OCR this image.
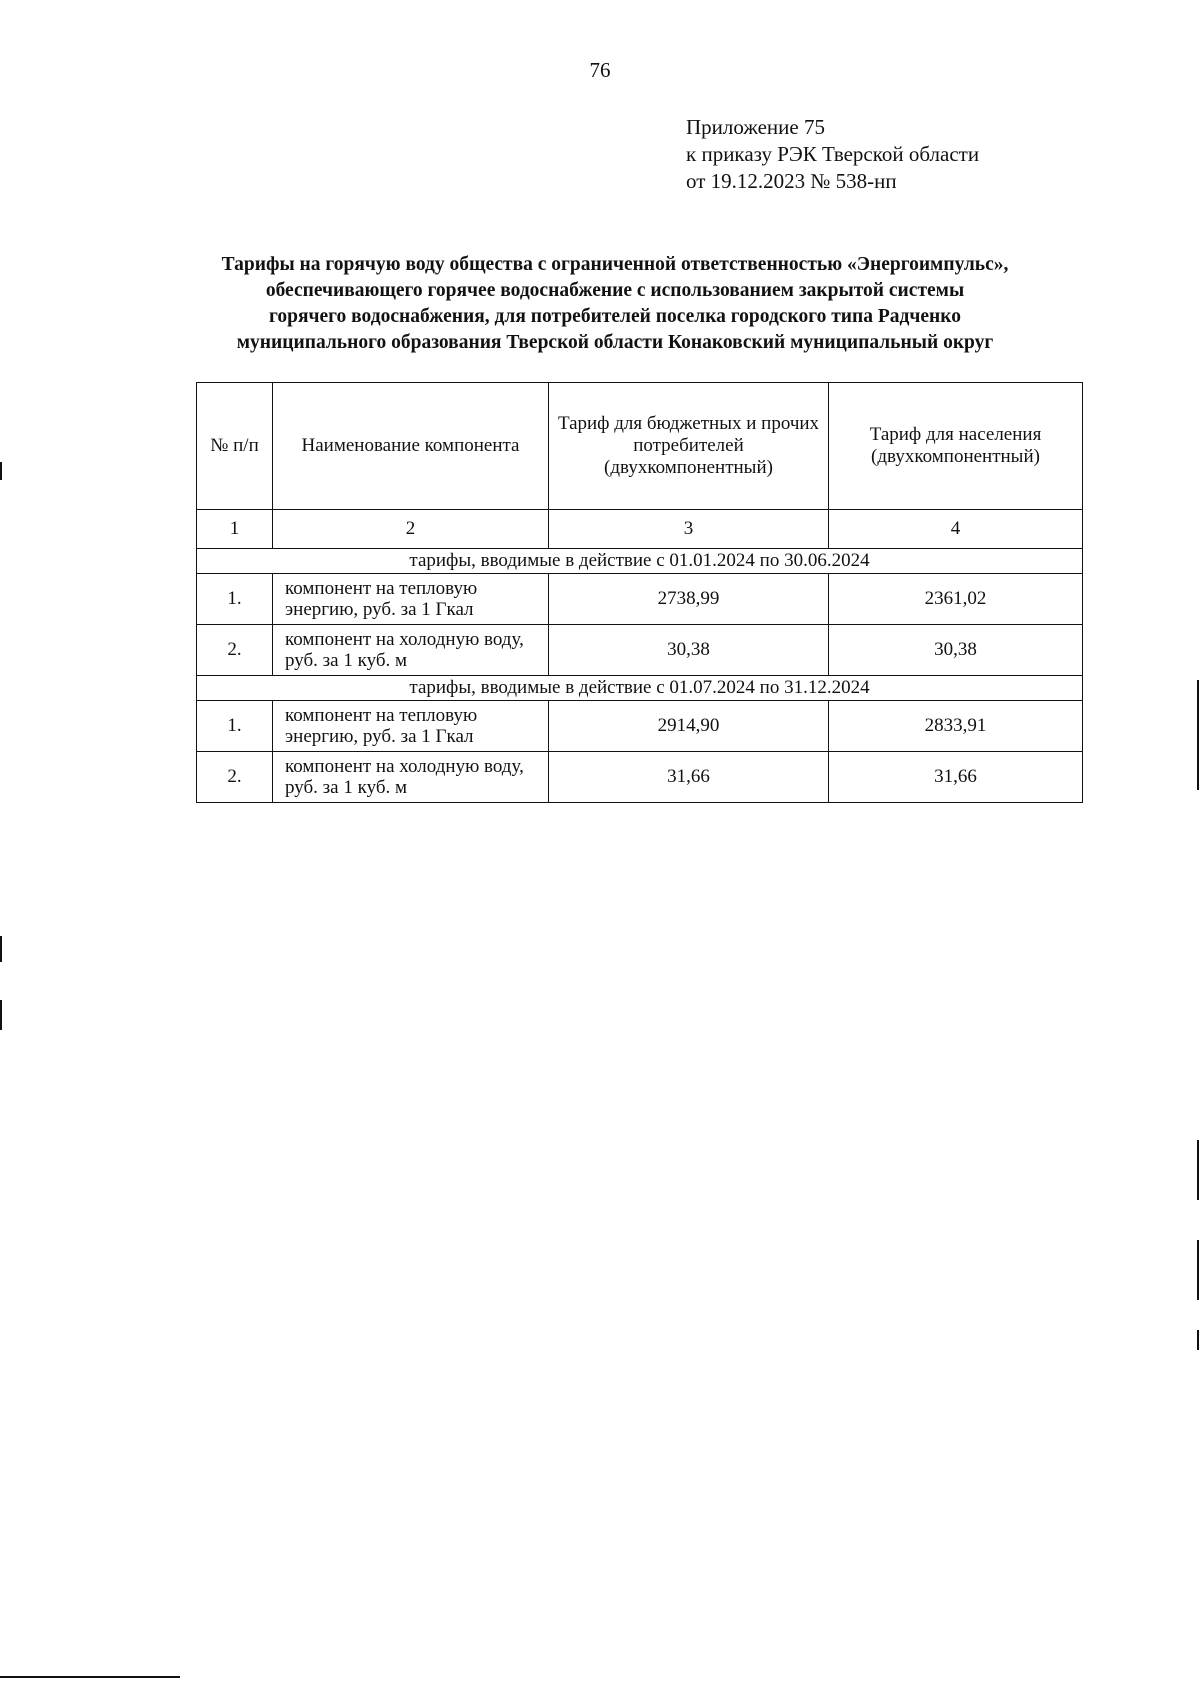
76
Приложение 75
к приказу РЭК Тверской области
от 19.12.2023 № 538-нп
Тарифы на горячую воду общества с ограниченной ответственностью «Энергоимпульс»,
обеспечивающего горячее водоснабжение с использованием закрытой системы
горячего водоснабжения, для потребителей поселка городского типа Радченко
муниципального образования Тверской области Конаковский муниципальный округ
№ п/п	Наименование компонента	Тариф для бюджетных и прочих потребителей (двухкомпонентный)	Тариф для населения (двухкомпонентный)
1	2	3	4
тарифы, вводимые в действие с 01.01.2024 по 30.06.2024			
1.	компонент на тепловую энергию, руб. за 1 Гкал	2738,99	2361,02
2.	компонент на холодную воду, руб. за 1 куб. м	30,38	30,38
тарифы, вводимые в действие с 01.07.2024 по 31.12.2024			
1.	компонент на тепловую энергию, руб. за 1 Гкал	2914,90	2833,91
2.	компонент на холодную воду, руб. за 1 куб. м	31,66	31,66
